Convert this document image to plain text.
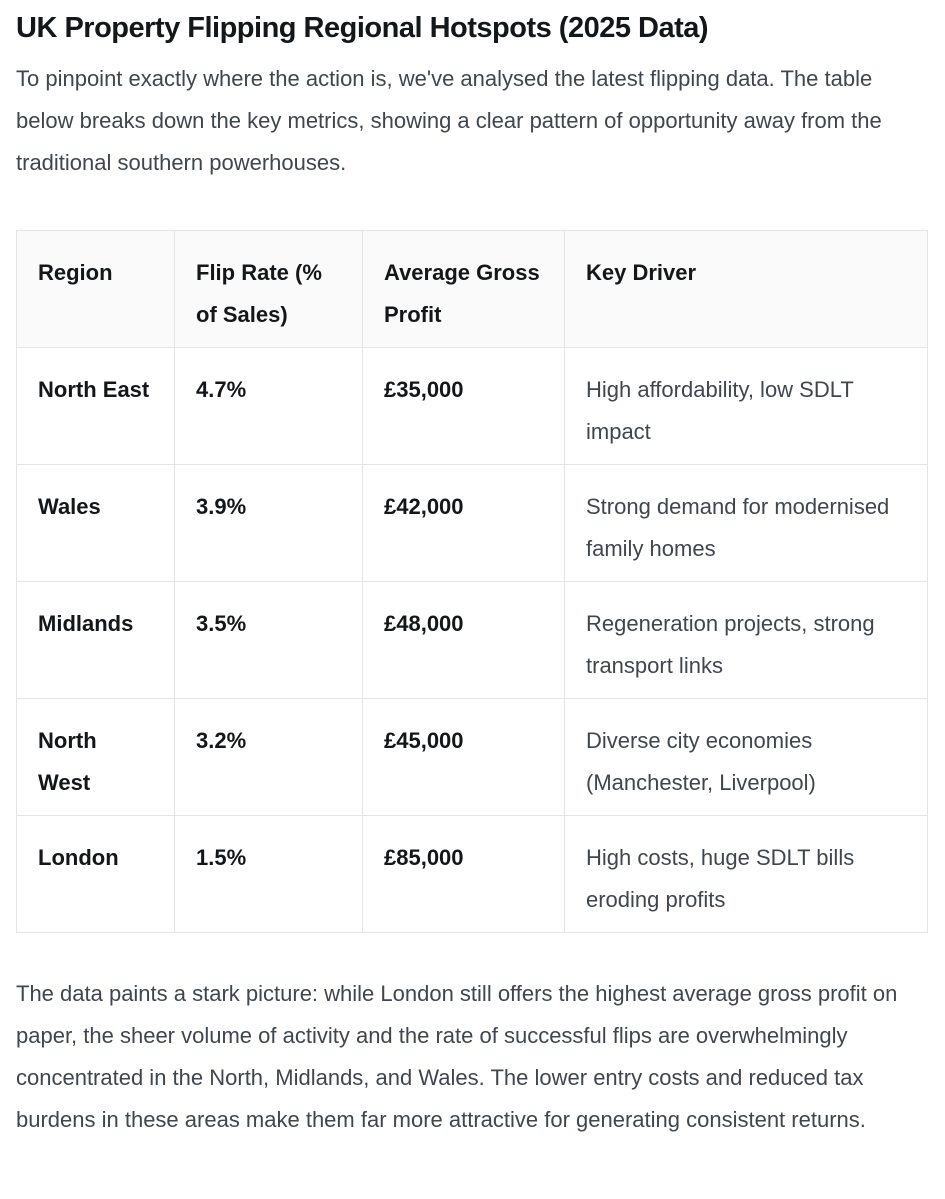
UK Property Flipping Regional Hotspots (2025 Data)

To pinpoint exactly where the action is, we've analysed the latest flipping data. The table below breaks down the key metrics, showing a clear pattern of opportunity away from the traditional southern powerhouses.

Region	Flip Rate (% of Sales)	Average Gross Profit	Key Driver
North East	4.7%	£35,000	High affordability, low SDLT impact
Wales	3.9%	£42,000	Strong demand for modernised family homes
Midlands	3.5%	£48,000	Regeneration projects, strong transport links
North West	3.2%	£45,000	Diverse city economies (Manchester, Liverpool)
London	1.5%	£85,000	High costs, huge SDLT bills eroding profits

The data paints a stark picture: while London still offers the highest average gross profit on paper, the sheer volume of activity and the rate of successful flips are overwhelmingly concentrated in the North, Midlands, and Wales. The lower entry costs and reduced tax burdens in these areas make them far more attractive for generating consistent returns.
